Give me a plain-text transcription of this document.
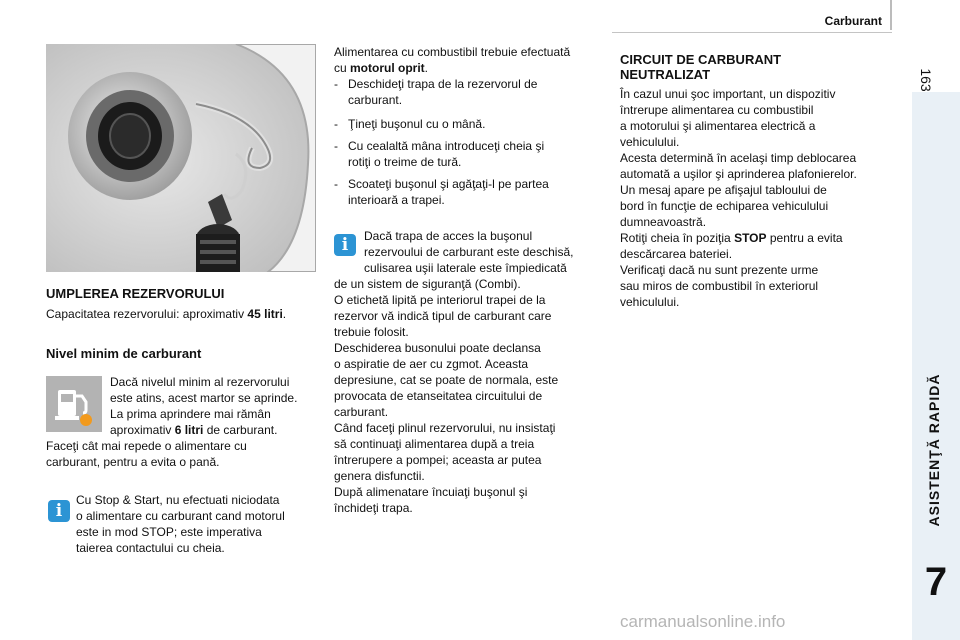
Carburant
163
ASISTENŢĂ RAPIDĂ
7
carmanualsonline.info
UMPLEREA REZERVORULUI
Capacitatea rezervorului: aproximativ 45 litri.
Nivel minim de carburant
Dacă nivelul minim al rezervorului
este atins, acest martor se aprinde.
La prima aprindere mai rămân
aproximativ 6 litri de carburant.
Faceţi cât mai repede o alimentare cu
carburant, pentru a evita o pană.
i
Cu Stop & Start, nu efectuati niciodata
o alimentare cu carburant cand motorul
este in mod STOP; este imperativa
taierea contactului cu cheia.
Alimentarea cu combustibil trebuie efectuată
cu motorul oprit.
- Deschideţi trapa de la rezervorul de
carburant.
- Ţineţi buşonul cu o mână.
- Cu cealaltă mâna introduceţi cheia şi
rotiţi o treime de tură.
- Scoateţi buşonul şi agăţaţi-l pe partea
interioară a trapei.
i	Dacă trapa de acces la buşonul
rezervoului de carburant este deschisă,
culisarea uşii laterale este împiedicată
de un sistem de siguranţă (Combi).
O etichetă lipită pe interiorul trapei de la
rezervor vă indică tipul de carburant care
trebuie folosit.
Deschiderea busonului poate declansa
o aspiratie de aer cu zgmot. Aceasta
depresiune, cat se poate de normala, este
provocata de etanseitatea circuitului de
carburant.
Când faceţi plinul rezervorului, nu insistaţi
să continuaţi alimentarea după a treia
întrerupere a pompei; aceasta ar putea
genera disfunctii.
După alimenatare încuiaţi buşonul şi
închideţi trapa.
CIRCUIT DE CARBURANT
NEUTRALIZAT
În cazul unui şoc important, un dispozitiv
întrerupe alimentarea cu combustibil
a motorului şi alimentarea electrică a
vehiculului.
Acesta determină în acelaşi timp deblocarea
automată a uşilor şi aprinderea plafonierelor.
Un mesaj apare pe afişajul tabloului de
bord în funcţie de echiparea vehiculului
dumneavoastră.
Rotiţi cheia în poziţia STOP pentru a evita
descărcarea bateriei.
Verificaţi dacă nu sunt prezente urme
sau miros de combustibil în exteriorul
vehiculului.
